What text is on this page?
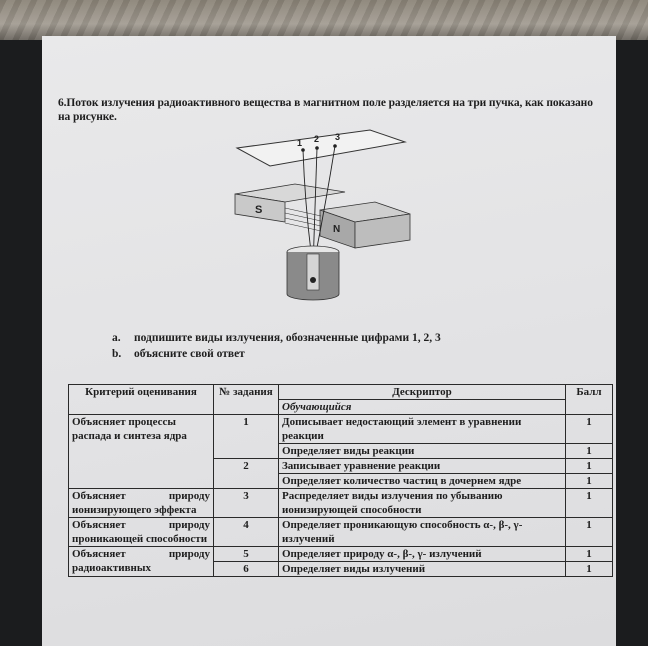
6.Поток излучения радиоактивного вещества в магнитном поле разделяется на три пучка, как показано на рисунке.
1 2 3
S
N
a.	подпишите виды излучения, обозначенные цифрами 1, 2, 3
b.	объясните свой ответ
Критерий оценивания	№ задания	Дескриптор	Балл
		Обучающийся	
Объясняет процессы распада и синтеза ядра	1	Дописывает недостающий элемент в уравнении реакции	1
		Определяет виды реакции	1
	2	Записывает уравнение реакции	1
		Определяет количество частиц в дочернем ядре	1
Объясняет природу ионизирующего эффекта	3	Распределяет виды излучения по убыванию ионизирующей способности	1
Объясняет природу проникающей способности	4	Определяет проникающую способность α-, β-, γ- излучений	1
Объясняет природу радиоактивных	5	Определяет природу α-, β-, γ- излучений	1
	6	Определяет виды излучений	1
